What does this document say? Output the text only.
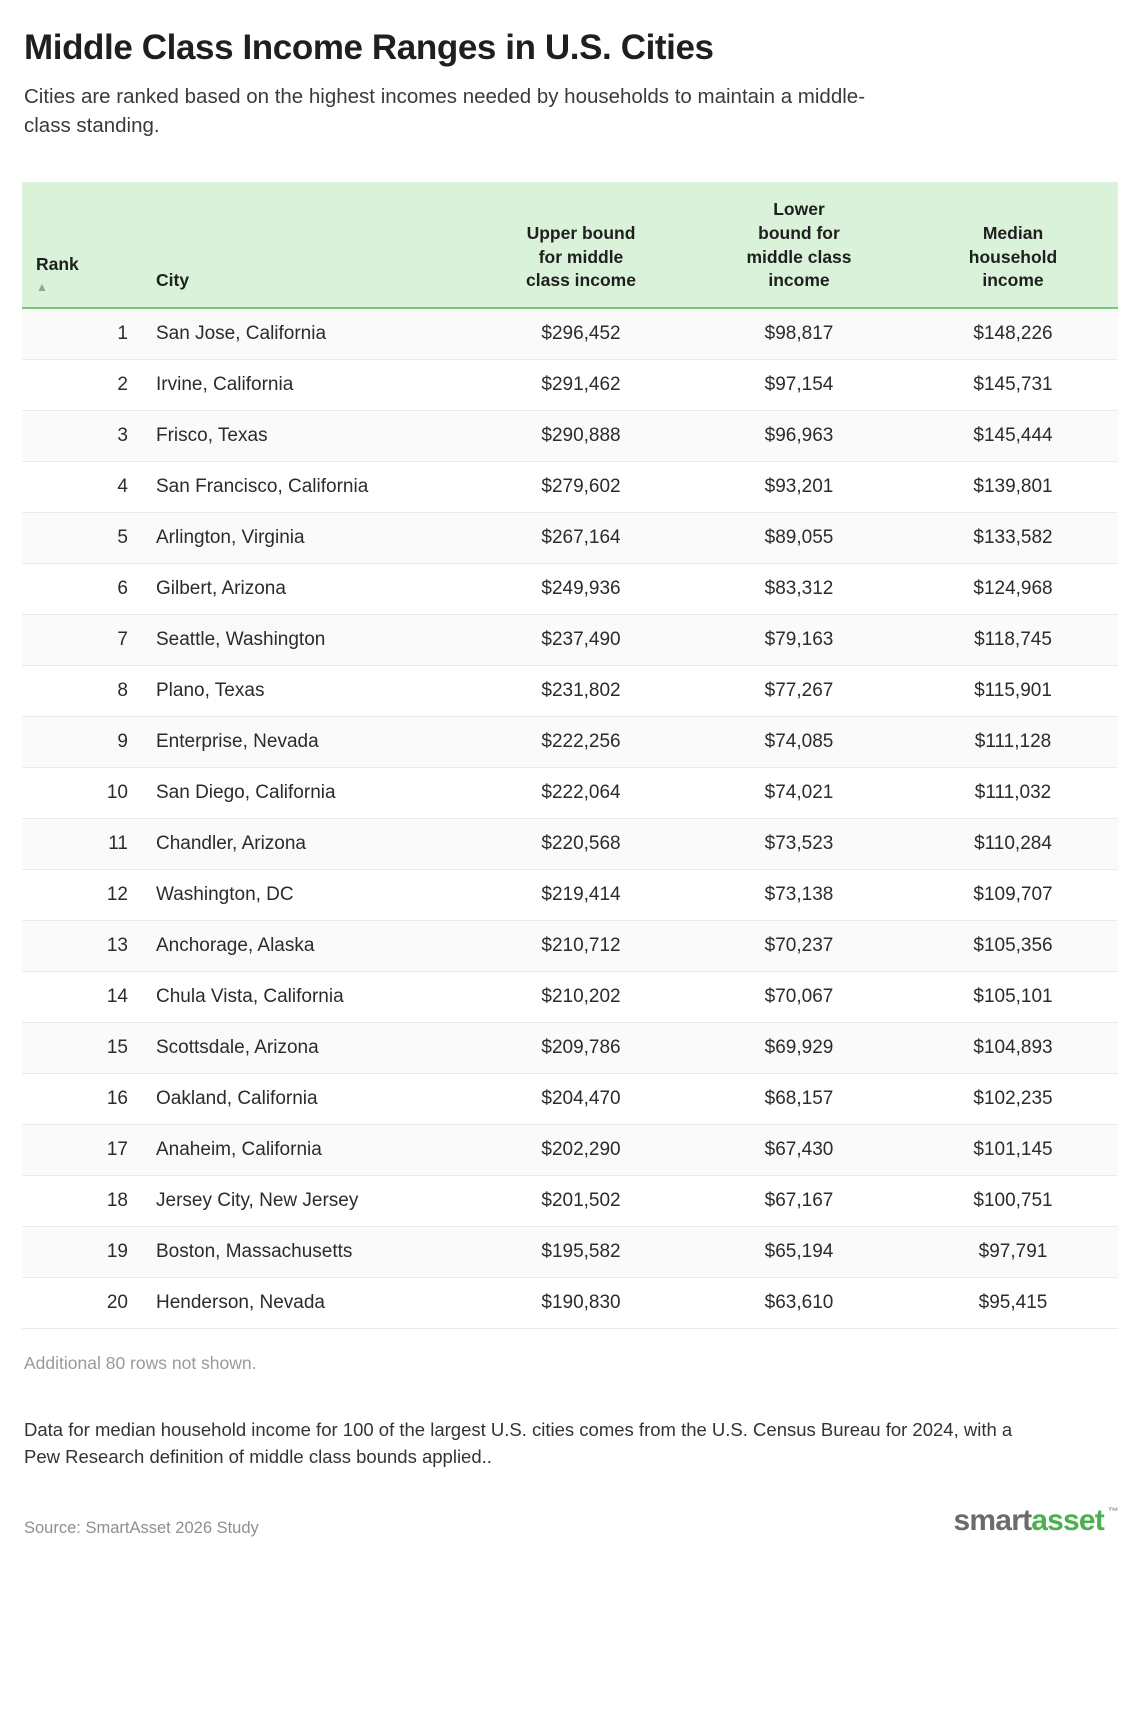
Middle Class Income Ranges in U.S. Cities

Cities are ranked based on the highest incomes needed by households to maintain a middle-class standing.

Rank
▲	City	Upper bound
for middle
class income	Lower
bound for
middle class
income	Median
household
income

1	San Jose, California	$296,452	$98,817	$148,226
2	Irvine, California	$291,462	$97,154	$145,731
3	Frisco, Texas	$290,888	$96,963	$145,444
4	San Francisco, California	$279,602	$93,201	$139,801
5	Arlington, Virginia	$267,164	$89,055	$133,582
6	Gilbert, Arizona	$249,936	$83,312	$124,968
7	Seattle, Washington	$237,490	$79,163	$118,745
8	Plano, Texas	$231,802	$77,267	$115,901
9	Enterprise, Nevada	$222,256	$74,085	$111,128
10	San Diego, California	$222,064	$74,021	$111,032
11	Chandler, Arizona	$220,568	$73,523	$110,284
12	Washington, DC	$219,414	$73,138	$109,707
13	Anchorage, Alaska	$210,712	$70,237	$105,356
14	Chula Vista, California	$210,202	$70,067	$105,101
15	Scottsdale, Arizona	$209,786	$69,929	$104,893
16	Oakland, California	$204,470	$68,157	$102,235
17	Anaheim, California	$202,290	$67,430	$101,145
18	Jersey City, New Jersey	$201,502	$67,167	$100,751
19	Boston, Massachusetts	$195,582	$65,194	$97,791
20	Henderson, Nevada	$190,830	$63,610	$95,415
Additional 80 rows not shown.
Data for median household income for 100 of the largest U.S. cities comes from the U.S. Census Bureau for 2024, with a Pew Research definition of middle class bounds applied..
Source: SmartAsset 2026 Study	smartasset ™
